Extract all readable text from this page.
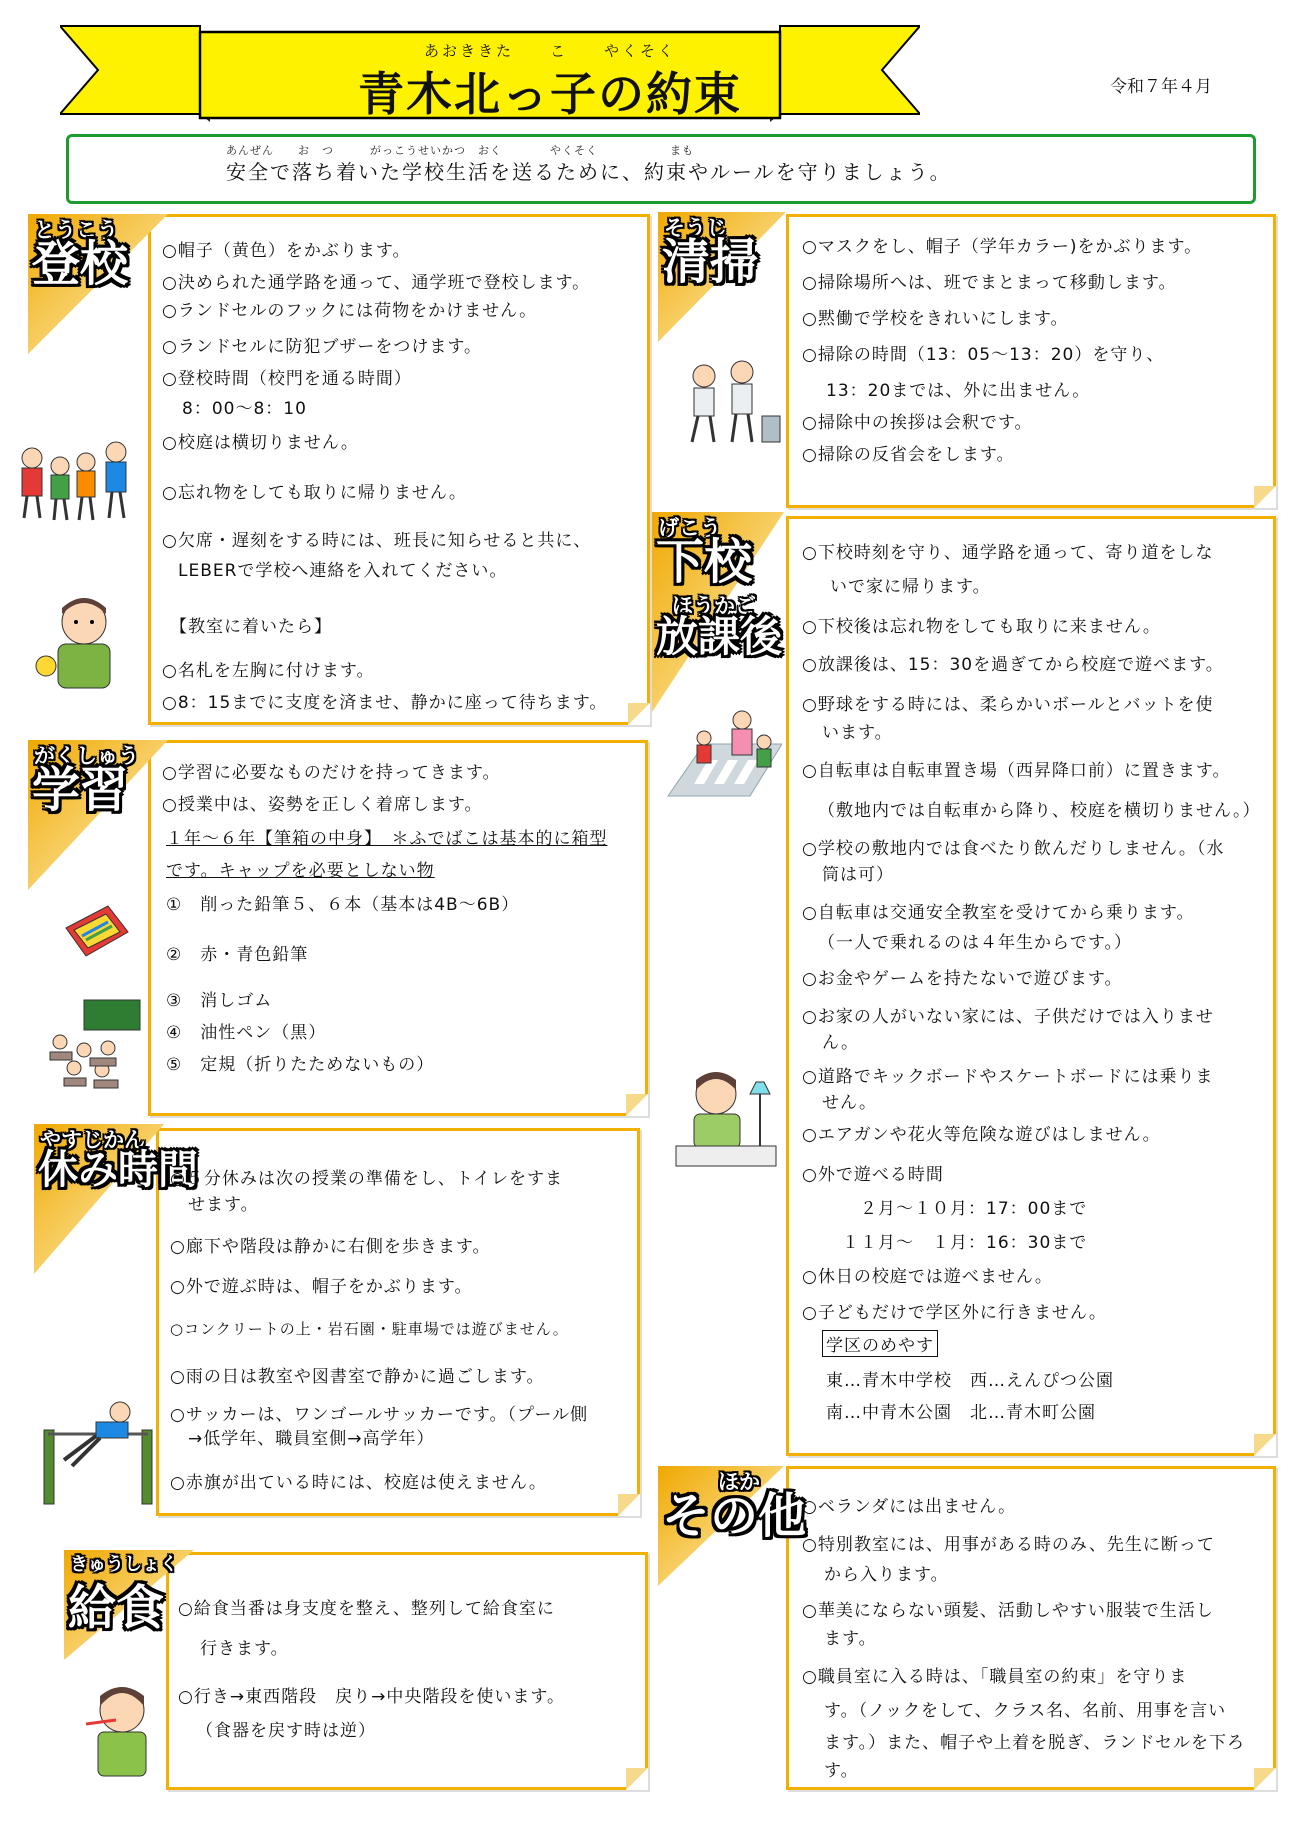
あおききた　　こ　　やくそく
青木北っ子の約束	令和７年４月
あんぜん　　お　つ　　　がっこうせいかつ　おく　　　　やくそく　　　　　　まも
安全で落ち着いた学校生活を送るために、約束やルールを守りましょう。
とうこう
登校 ○帽子（黄色）をかぶります。
○決められた通学路を通って、通学班で登校します。
○ランドセルのフックには荷物をかけません。
○ランドセルに防犯ブザーをつけます。
○登校時間（校門を通る時間）
8：00～8：10
○校庭は横切りません。
○忘れ物をしても取りに帰りません。
○欠席・遅刻をする時には、班長に知らせると共に、
LEBERで学校へ連絡を入れてください。
【教室に着いたら】
○名札を左胸に付けます。
○8：15までに支度を済ませ、静かに座って待ちます。
がくしゅう
学習 ○学習に必要なものだけを持ってきます。
○授業中は、姿勢を正しく着席します。
１年～６年【筆箱の中身】　＊ふでばこは基本的に箱型
です。キャップを必要としない物
①　削った鉛筆５、６本（基本は4B～6B）
②　赤・青色鉛筆
③　消しゴム
④　油性ペン（黒）
⑤　定規（折りたためないもの）
やすじかん
休み時間
○５分休みは次の授業の準備をし、トイレをすま
せます。
○廊下や階段は静かに右側を歩きます。
○外で遊ぶ時は、帽子をかぶります。
○コンクリートの上・岩石園・駐車場では遊びません。
○雨の日は教室や図書室で静かに過ごします。
○サッカーは、ワンゴールサッカーです。（プール側
→低学年、職員室側→高学年）
○赤旗が出ている時には、校庭は使えません。
きゅうしょく
給食 ○給食当番は身支度を整え、整列して給食室に
行きます。
○行き→東西階段　戻り→中央階段を使います。
（食器を戻す時は逆）
そうじ
清掃	○マスクをし、帽子（学年カラー)をかぶります。
○掃除場所へは、班でまとまって移動します。
○黙働で学校をきれいにします。
○掃除の時間（13：05～13：20）を守り、
13：20までは、外に出ません。
○掃除中の挨拶は会釈です。
○掃除の反省会をします。
げこう
下校
ほうかご
放課後
○下校時刻を守り、通学路を通って、寄り道をしな
いで家に帰ります。
○下校後は忘れ物をしても取りに来ません。
○放課後は、15：30を過ぎてから校庭で遊べます。
○野球をする時には、柔らかいボールとバットを使
います。
○自転車は自転車置き場（西昇降口前）に置きます。
（敷地内では自転車から降り、校庭を横切りません。）
○学校の敷地内では食べたり飲んだりしません。（水
筒は可）
○自転車は交通安全教室を受けてから乗ります。
（一人で乗れるのは４年生からです。）
○お金やゲームを持たないで遊びます。
○お家の人がいない家には、子供だけでは入りませ
ん。
○道路でキックボードやスケートボードには乗りま
せん。
○エアガンや花火等危険な遊びはしません。
○外で遊べる時間
２月～１０月：17：00まで
１１月～　１月：16：30まで
○休日の校庭では遊べません。
○子どもだけで学区外に行きません。
学区のめやす
東…青木中学校　西…えんぴつ公園
南…中青木公園　北…青木町公園
ほか
その他
○ベランダには出ません。
○特別教室には、用事がある時のみ、先生に断って
から入ります。
○華美にならない頭髪、活動しやすい服装で生活し
ます。
○職員室に入る時は、「職員室の約束」を守りま
す。（ノックをして、クラス名、名前、用事を言い
ます。）また、帽子や上着を脱ぎ、ランドセルを下ろ
す。
